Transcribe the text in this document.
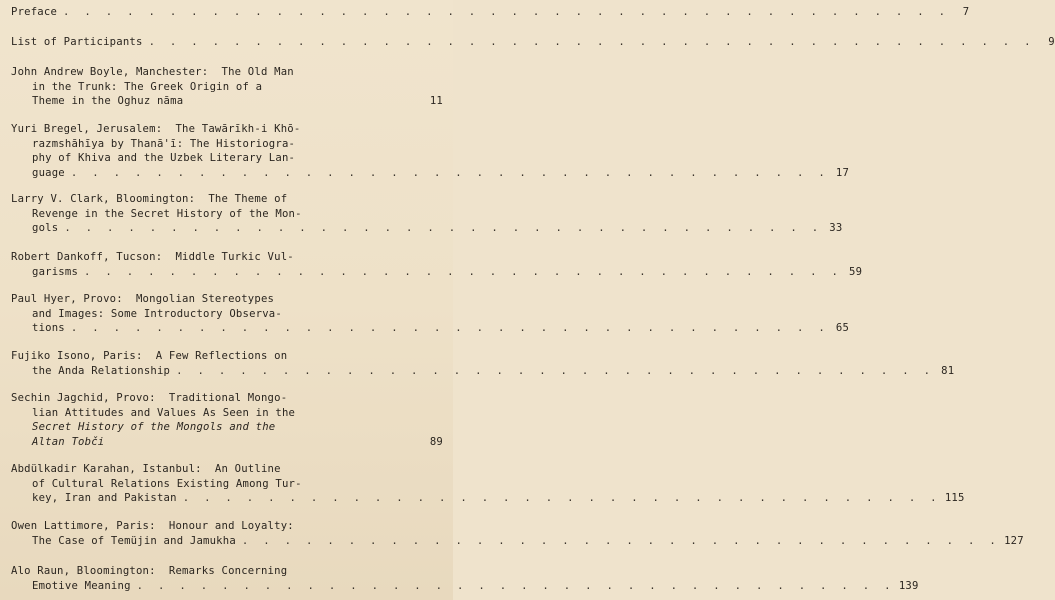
Preface . . . . . . . . . . . . . . . . . . . . . . . . . . . . . . . . . . . . . . . . . .	7
List of Participants . . . . . . . . . . . . . . . . . . . . . . . . . . . . . . . . . . . . . . . . . .	9
John Andrew Boyle, Manchester:  The Old Man
in the Trunk: The Greek Origin of a
Theme in the Oghuz nāma	11
Yuri Bregel, Jerusalem:  The Tawārīkh-i Khō-
razmshāhīya by Thanā'ī: The Historiogra-
phy of Khiva and the Uzbek Literary Lan-
guage . . . . . . . . . . . . . . . . . . . . . . . . . . . . . . . . . . . . 17
Larry V. Clark, Bloomington:  The Theme of
Revenge in the Secret History of the Mon-
gols . . . . . . . . . . . . . . . . . . . . . . . . . . . . . . . . . . . . 33
Robert Dankoff, Tucson:  Middle Turkic Vul-
garisms . . . . . . . . . . . . . . . . . . . . . . . . . . . . . . . . . . . . 59
Paul Hyer, Provo:  Mongolian Stereotypes
and Images: Some Introductory Observa-
tions . . . . . . . . . . . . . . . . . . . . . . . . . . . . . . . . . . . . 65
Fujiko Isono, Paris:  A Few Reflections on
the Anda Relationship . . . . . . . . . . . . . . . . . . . . . . . . . . . . . . . . . . . . 81
Sechin Jagchid, Provo:  Traditional Mongo-
lian Attitudes and Values As Seen in the
Secret History of the Mongols and the
Altan Tobči	89
Abdülkadir Karahan, Istanbul:  An Outline
of Cultural Relations Existing Among Tur-
key, Iran and Pakistan . . . . . . . . . . . . . . . . . . . . . . . . . . . . . . . . . . . . 115
Owen Lattimore, Paris:  Honour and Loyalty:
The Case of Temüjin and Jamukha . . . . . . . . . . . . . . . . . . . . . . . . . . . . . . . . . . . . 127
Alo Raun, Bloomington:  Remarks Concerning
Emotive Meaning . . . . . . . . . . . . . . . . . . . . . . . . . . . . . . . . . . . . 139
